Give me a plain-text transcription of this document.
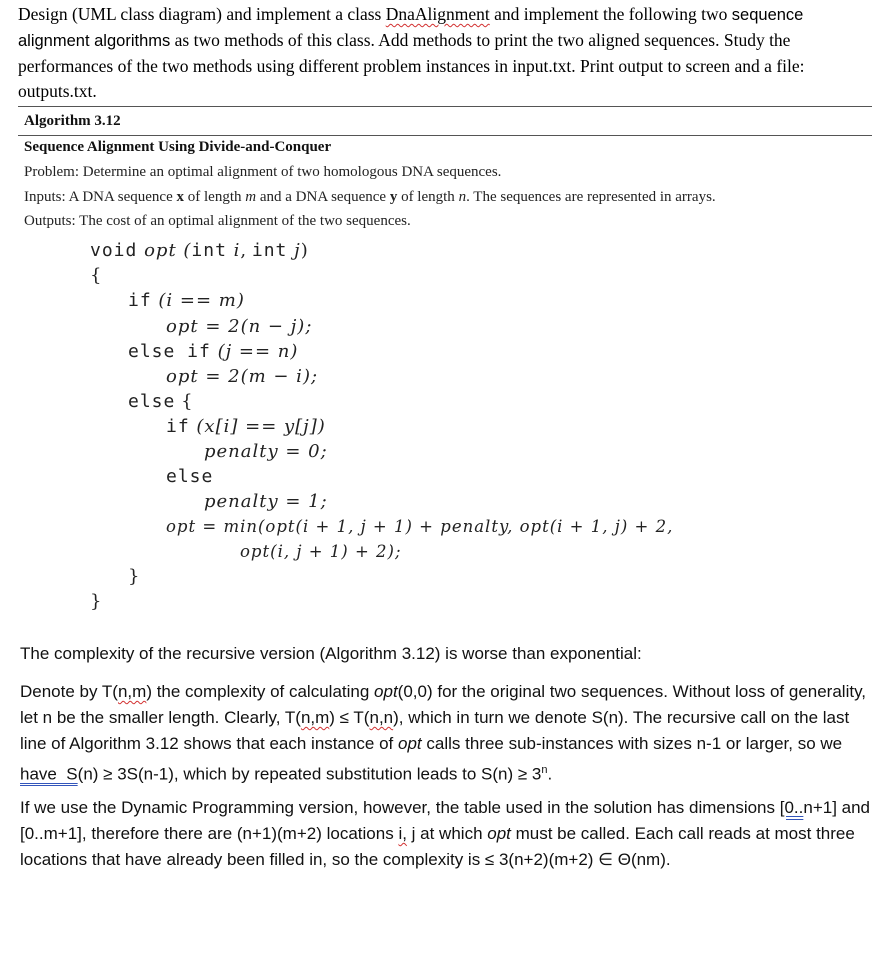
Design (UML class diagram) and implement a class DnaAlignment and implement the following two sequence alignment algorithms as two methods of this class. Add methods to print the two aligned sequences. Study the performances of the two methods using different problem instances in input.txt. Print output to screen and a file: outputs.txt.
Algorithm 3.12
Sequence Alignment Using Divide-and-Conquer
Problem: Determine an optimal alignment of two homologous DNA sequences.
Inputs: A DNA sequence x of length m and a DNA sequence y of length n. The sequences are represented in arrays.
Outputs: The cost of an optimal alignment of the two sequences.
void opt (int i, int j)
{
if (i == m)
opt = 2(n − j);
else if (j == n)
opt = 2(m − i);
else {
if (x[i] == y[j])
penalty = 0;
else
penalty = 1;
opt = min(opt(i + 1, j + 1) + penalty, opt(i + 1, j) + 2,
opt(i, j + 1) + 2);
}
}

The complexity of the recursive version (Algorithm 3.12) is worse than exponential:

Denote by T(n,m) the complexity of calculating opt(0,0) for the original two sequences. Without loss of generality, let n be the smaller length. Clearly, T(n,m) ≤ T(n,n), which in turn we denote S(n). The recursive call on the last line of Algorithm 3.12 shows that each instance of opt calls three sub-instances with sizes n-1 or larger, so we have  S(n) ≥ 3S(n-1), which by repeated substitution leads to $S(n) \ge 3^n$.

If we use the Dynamic Programming version, however, the table used in the solution has dimensions [0..n+1] and [0..m+1], therefore there are (n+1)(m+2) locations i, j at which opt must be called. Each call reads at most three locations that have already been filled in, so the complexity is ≤ 3(n+2)(m+2) ∈ Θ(nm).
